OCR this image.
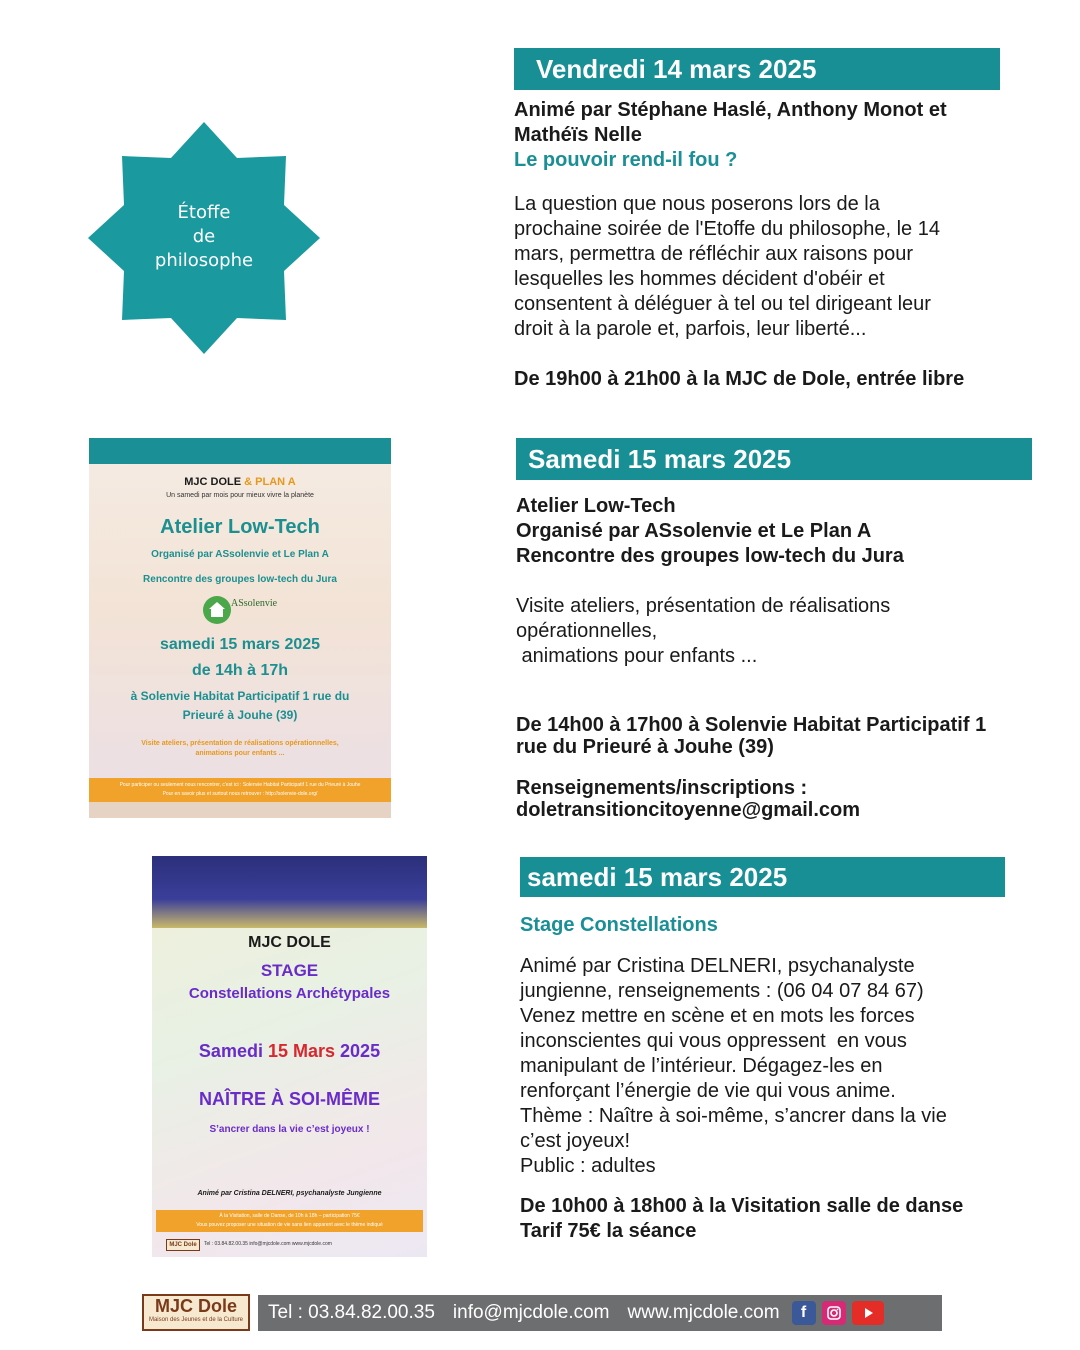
Étoffe
de
philosophe
Vendredi 14 mars 2025
Animé par Stéphane Haslé, Anthony Monot et
Mathéïs Nelle
Le pouvoir rend-il fou ?
La question que nous poserons lors de la
prochaine soirée de l'Etoffe du philosophe, le 14
mars, permettra de réfléchir aux raisons pour
lesquelles les hommes décident d'obéir et
consentent à déléguer à tel ou tel dirigeant leur
droit à la parole et, parfois, leur liberté...
De 19h00 à 21h00 à la MJC de Dole, entrée libre
MJC DOLE & PLAN A
Un samedi par mois pour mieux vivre la planète
Atelier Low-Tech
Organisé par ASsolenvie et Le Plan A
Rencontre des groupes low-tech du Jura
ASsolenvie
samedi 15 mars 2025
de 14h à 17h
à Solenvie Habitat Participatif 1 rue du
Prieuré à Jouhe (39)
Visite ateliers, présentation de réalisations opérationnelles,
animations pour enfants ...
Pour participer ou seulement nous rencontrer, c'est ici : Solenvie Habitat Participatif 1 rue du Prieuré à Jouhe
Pour en savoir plus et surtout nous retrouver : http://solenvie-dole.org/
Samedi 15 mars 2025
Atelier Low-Tech
Organisé par ASsolenvie et Le Plan A
Rencontre des groupes low-tech du Jura
Visite ateliers, présentation de réalisations
opérationnelles,
animations pour enfants ...
De 14h00 à 17h00 à Solenvie Habitat Participatif 1
rue du Prieuré à Jouhe (39)
Renseignements/inscriptions :
doletransitioncitoyenne@gmail.com
MJC DOLE
STAGE
Constellations Archétypales
Samedi 15 Mars 2025
NAÎTRE À SOI-MÊME
S’ancrer dans la vie c’est joyeux !
Animé par Cristina DELNERI, psychanalyste Jungienne
À la Visitation, salle de Danse, de 10h à 18h – participation 75€
Vous pouvez proposer une situation de vie sans lien apparent avec le thème indiqué
MJC Dole	Tel : 03.84.82.00.35 info@mjcdole.com www.mjcdole.com
samedi 15 mars 2025
Stage Constellations
Animé par Cristina DELNERI, psychanalyste
jungienne, renseignements : (06 04 07 84 67)
Venez mettre en scène et en mots les forces
inconscientes qui vous oppressent  en vous
manipulant de l’intérieur. Dégagez-les en
renforçant l’énergie de vie qui vous anime.
Thème : Naître à soi-même, s’ancrer dans la vie
c’est joyeux!
Public : adultes
De 10h00 à 18h00 à la Visitation salle de danse
Tarif 75€ la séance
MJC Dole
Maison des Jeunes et de la Culture Tel : 03.84.82.00.35 info@mjcdole.com www.mjcdole.com	f
